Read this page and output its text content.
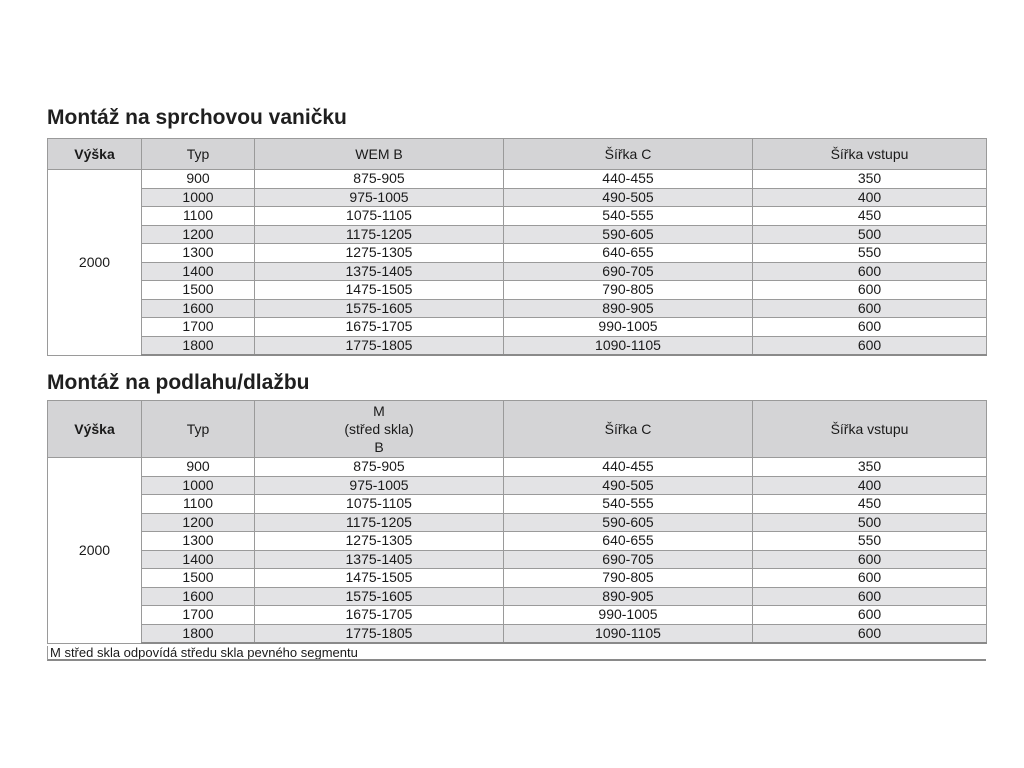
Montáž na sprchovou vaničku
Výška	Typ	WEM B	Šířka C	Šířka vstupu
2000	900	875-905	440-455	350
	1000	975-1005	490-505	400
	1100	1075-1105	540-555	450
	1200	1175-1205	590-605	500
	1300	1275-1305	640-655	550
	1400	1375-1405	690-705	600
	1500	1475-1505	790-805	600
	1600	1575-1605	890-905	600
	1700	1675-1705	990-1005	600
	1800	1775-1805	1090-1105	600
Montáž na podlahu/dlažbu
Výška	Typ	M
(střed skla)
B	Šířka C	Šířka vstupu
2000	900	875-905	440-455	350
	1000	975-1005	490-505	400
	1100	1075-1105	540-555	450
	1200	1175-1205	590-605	500
	1300	1275-1305	640-655	550
	1400	1375-1405	690-705	600
	1500	1475-1505	790-805	600
	1600	1575-1605	890-905	600
	1700	1675-1705	990-1005	600
	1800	1775-1805	1090-1105	600
M střed skla odpovídá středu skla pevného segmentu
